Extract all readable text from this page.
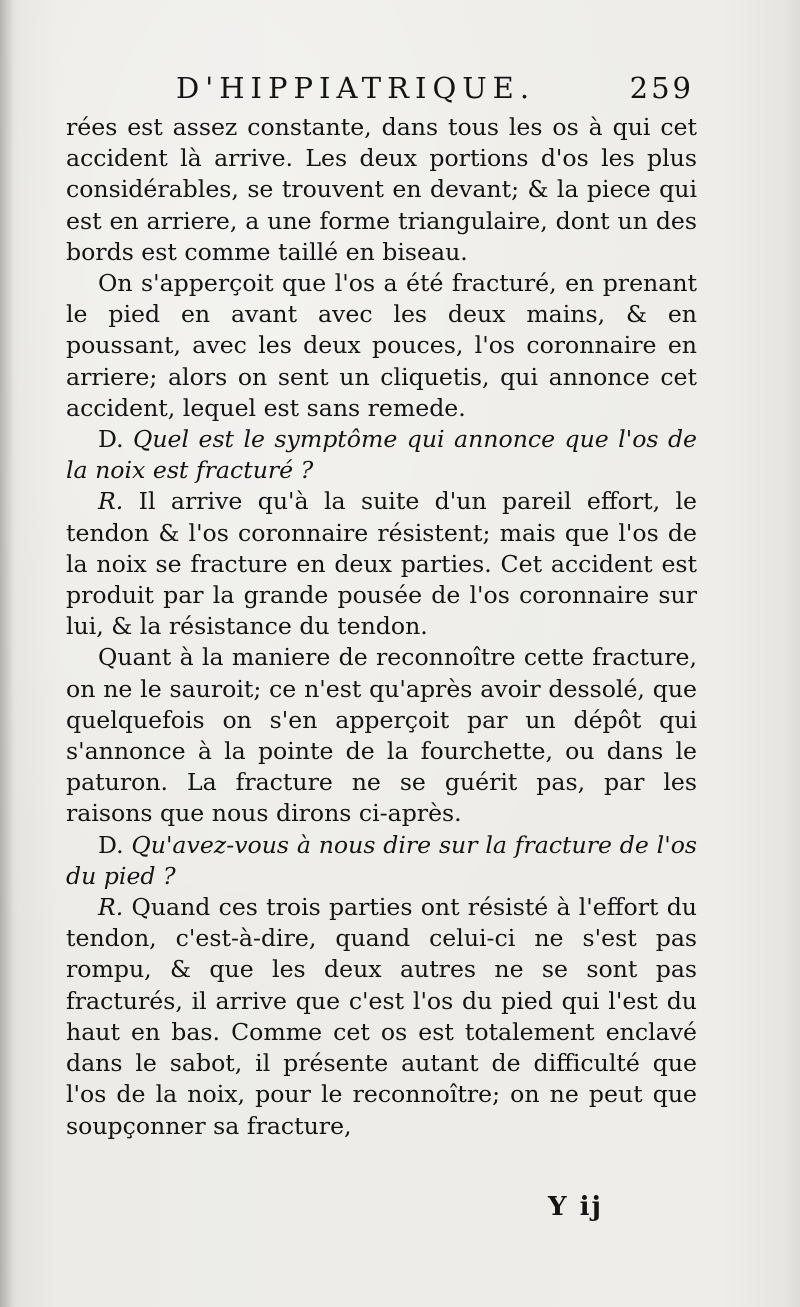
D'HIPPIATRIQUE.	259

rées est assez constante, dans tous les os à qui cet accident là arrive. Les deux portions d'os les plus considérables, se trouvent en devant; & la piece qui est en arriere, a une forme triangulaire, dont un des bords est comme taillé en biseau.

On s'apperçoit que l'os a été fracturé, en prenant le pied en avant avec les deux mains, & en poussant, avec les deux pouces, l'os coronnaire en arriere; alors on sent un cliquetis, qui annonce cet accident, lequel est sans remede.

D. Quel est le symptôme qui annonce que l'os de la noix est fracturé ?

R. Il arrive qu'à la suite d'un pareil effort, le tendon & l'os coronnaire résistent; mais que l'os de la noix se fracture en deux parties. Cet accident est produit par la grande pousée de l'os coronnaire sur lui, & la résistance du tendon.

Quant à la maniere de reconnoître cette fracture, on ne le sauroit; ce n'est qu'après avoir dessolé, que quelquefois on s'en apperçoit par un dépôt qui s'annonce à la pointe de la fourchette, ou dans le paturon. La fracture ne se guérit pas, par les raisons que nous dirons ci-après.

D. Qu'avez-vous à nous dire sur la fracture de l'os du pied ?

R. Quand ces trois parties ont résisté à l'effort du tendon, c'est-à-dire, quand celui-ci ne s'est pas rompu, & que les deux autres ne se sont pas fracturés, il arrive que c'est l'os du pied qui l'est du haut en bas. Comme cet os est totalement enclavé dans le sabot, il présente autant de difficulté que l'os de la noix, pour le reconnoître; on ne peut que soupçonner sa fracture,

Y ij
